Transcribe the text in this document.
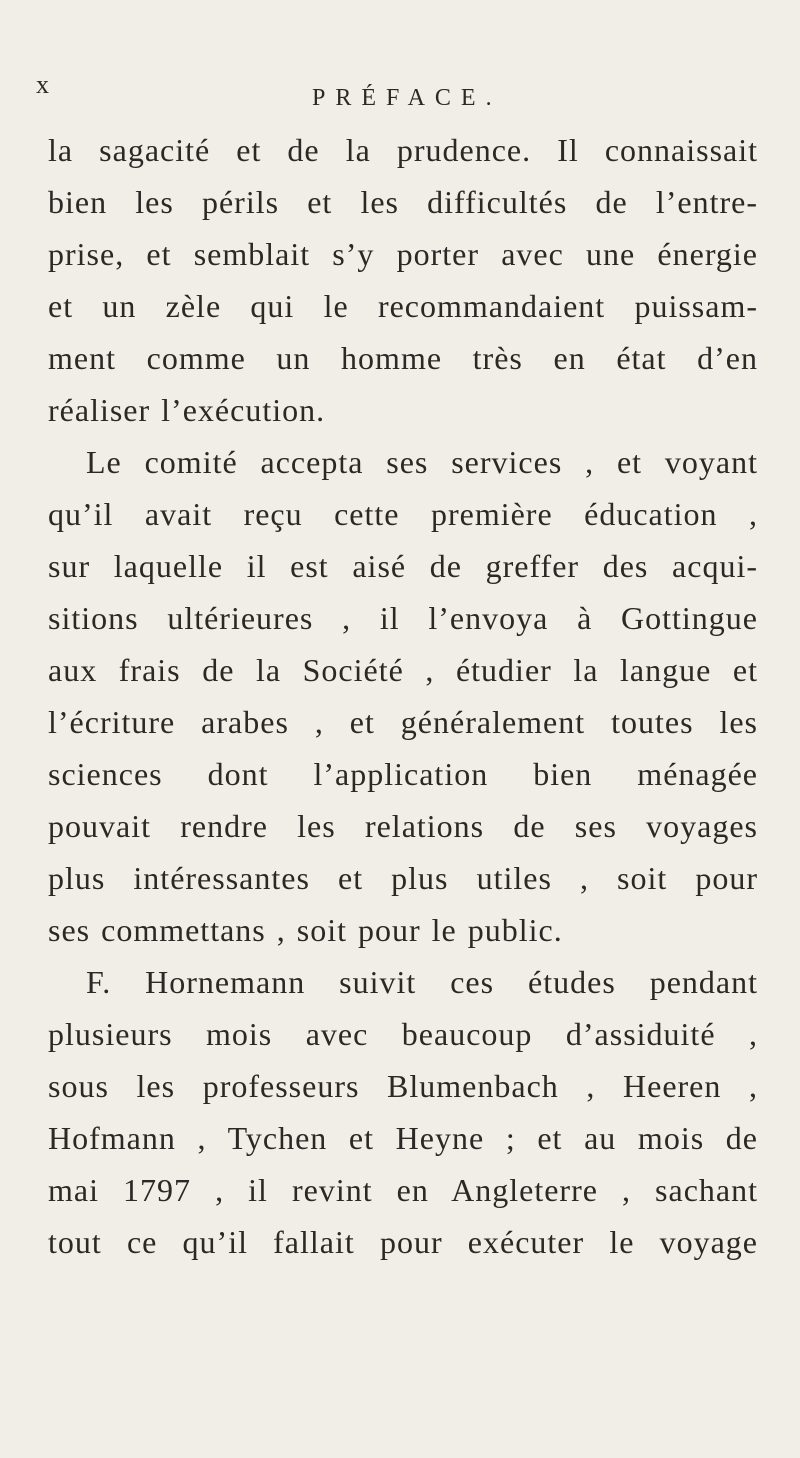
x	PRÉFACE.
la sagacité et de la prudence. Il connaissait
bien les périls et les difficultés de l’entre-
prise, et semblait s’y porter avec une énergie
et un zèle qui le recommandaient puissam-
ment comme un homme très en état d’en
réaliser l’exécution.
Le comité accepta ses services , et voyant
qu’il avait reçu cette première éducation ,
sur laquelle il est aisé de greffer des acqui-
sitions ultérieures , il l’envoya à Gottingue
aux frais de la Société , étudier la langue et
l’écriture arabes , et généralement toutes les
sciences dont l’application bien ménagée
pouvait rendre les relations de ses voyages
plus intéressantes et plus utiles , soit pour
ses commettans , soit pour le public.
F. Hornemann suivit ces études pendant
plusieurs mois avec beaucoup d’assiduité ,
sous les professeurs Blumenbach , Heeren ,
Hofmann , Tychen et Heyne ; et au mois de
mai 1797 , il revint en Angleterre , sachant
tout ce qu’il fallait pour exécuter le voyage
